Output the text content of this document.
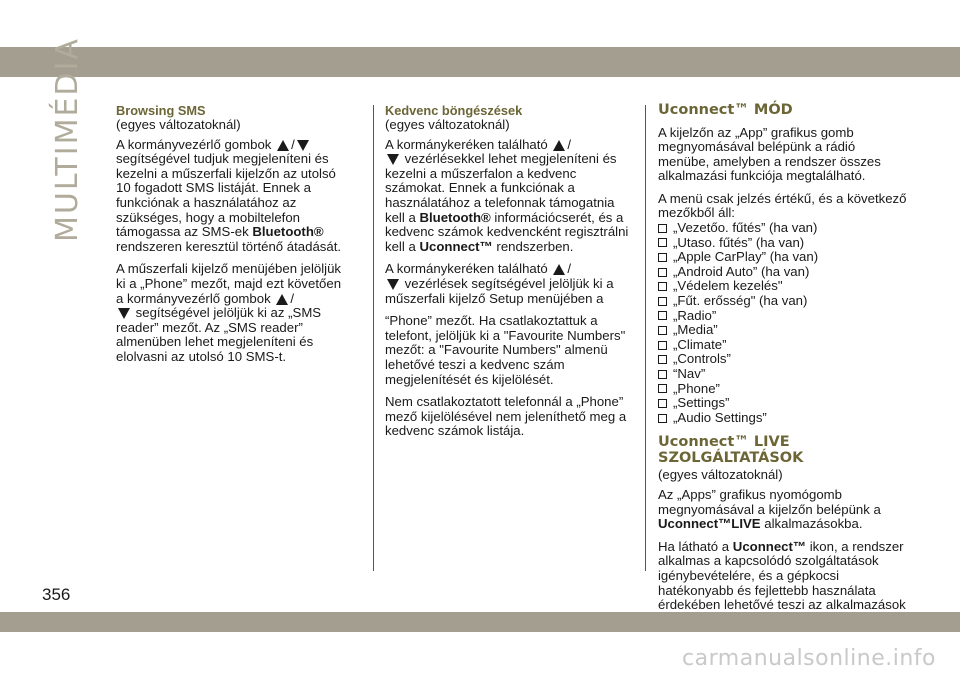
MULTIMÉDIA Browsing SMS

(egyes változatoknál)

A kormányvezérlő gombok / segítségével tudjuk megjeleníteni és kezelni a műszerfali kijelzőn az utolsó 10 fogadott SMS listáját. Ennek a funkciónak a használatához az szükséges, hogy a mobiltelefon támogassa az SMS-ek Bluetooth® rendszeren keresztül történő átadását.

A műszerfali kijelző menüjében jelöljük ki a „Phone” mezőt, majd ezt követően a kormányvezérlő gombok /
segítségével jelöljük ki az „SMS reader” mezőt. Az „SMS reader” almenüben lehet megjeleníteni és elolvasni az utolsó 10 SMS-t.

Kedvenc böngészések

(egyes változatoknál)

A kormánykeréken található /
vezérlésekkel lehet megjeleníteni és kezelni a műszerfalon a kedvenc számokat. Ennek a funkciónak a használatához a telefonnak támogatnia kell a Bluetooth® információcserét, és a kedvenc számok kedvencként regisztrálni kell a Uconnect™ rendszerben.

A kormánykeréken található /
vezérlések segítségével jelöljük ki a műszerfali kijelző Setup menüjében a

“Phone” mezőt. Ha csatlakoztattuk a telefont, jelöljük ki a "Favourite Numbers" mezőt: a "Favourite Numbers" almenü lehetővé teszi a kedvenc szám megjelenítését és kijelölését.

Nem csatlakoztatott telefonnál a „Phone” mező kijelölésével nem jeleníthető meg a kedvenc számok listája.

Uconnect™ MÓD

A kijelzőn az „App” grafikus gomb megnyomásával belépünk a rádió menübe, amelyben a rendszer összes alkalmazási funkciója megtalálható.

A menü csak jelzés értékű, és a következő mezőkből áll:

„Vezetőo. fűtés” (ha van)
„Utaso. fűtés” (ha van)
„Apple CarPlay” (ha van)
„Android Auto” (ha van)
„Védelem kezelés"
„Fűt. erősség" (ha van)
„Radio”
„Media”
„Climate”
„Controls”
“Nav”
„Phone”
„Settings”
„Audio Settings”
Uconnect™ LIVE
SZOLGÁLTATÁSOK

(egyes változatoknál)

Az „Apps” grafikus nyomógomb megnyomásával a kijelzőn belépünk a Uconnect™LIVE alkalmazásokba.

Ha látható a Uconnect™ ikon, a rendszer alkalmas a kapcsolódó szolgáltatások igénybevételére, és a gépkocsi hatékonyabb és fejlettebb használata érdekében lehetővé teszi az alkalmazások

356
carmanualsonline.info
